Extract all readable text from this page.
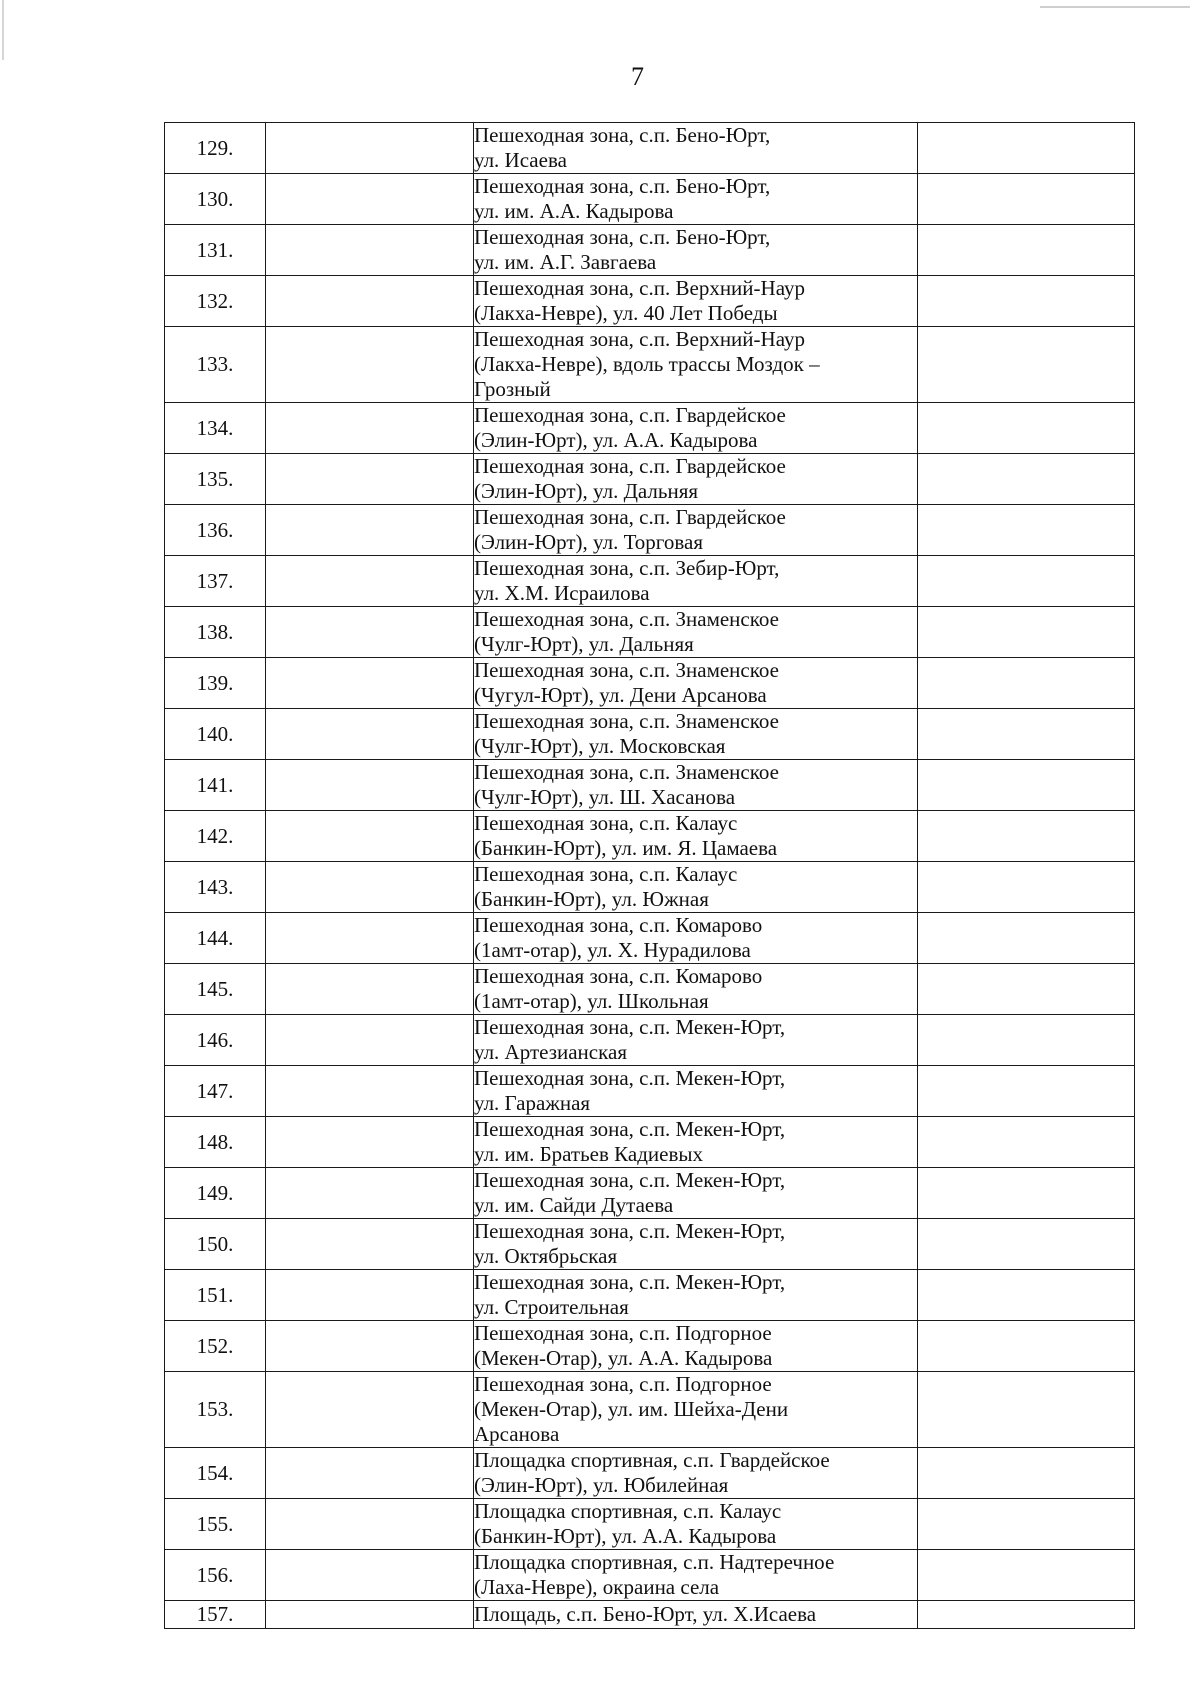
7
129.		Пешеходная зона, с.п. Бено-Юрт,
ул. Исаева	

130.		Пешеходная зона, с.п. Бено-Юрт,
ул. им. А.А. Кадырова	

131.		Пешеходная зона, с.п. Бено-Юрт,
ул. им. А.Г. Завгаева	

132.		Пешеходная зона, с.п. Верхний-Наур
(Лакха-Невре), ул. 40 Лет Победы	

133.		Пешеходная зона, с.п. Верхний-Наур
(Лакха-Невре), вдоль трассы Моздок –
Грозный	

134.		Пешеходная зона, с.п. Гвардейское
(Элин-Юрт), ул. А.А. Кадырова	

135.		Пешеходная зона, с.п. Гвардейское
(Элин-Юрт), ул. Дальняя	

136.		Пешеходная зона, с.п. Гвардейское
(Элин-Юрт), ул. Торговая	

137.		Пешеходная зона, с.п. Зебир-Юрт,
ул. Х.М. Исраилова	

138.		Пешеходная зона, с.п. Знаменское
(Чулг-Юрт), ул. Дальняя	

139.		Пешеходная зона, с.п. Знаменское
(Чугул-Юрт), ул. Дени Арсанова	

140.		Пешеходная зона, с.п. Знаменское
(Чулг-Юрт), ул. Московская	

141.		Пешеходная зона, с.п. Знаменское
(Чулг-Юрт), ул. Ш. Хасанова	

142.		Пешеходная зона, с.п. Калаус
(Банкин-Юрт), ул. им. Я. Цамаева	

143.		Пешеходная зона, с.п. Калаус
(Банкин-Юрт), ул. Южная	

144.		Пешеходная зона, с.п. Комарово
(1амт-отар), ул. Х. Нурадилова	

145.		Пешеходная зона, с.п. Комарово
(1амт-отар), ул. Школьная	

146.		Пешеходная зона, с.п. Мекен-Юрт,
ул. Артезианская	

147.		Пешеходная зона, с.п. Мекен-Юрт,
ул. Гаражная	

148.		Пешеходная зона, с.п. Мекен-Юрт,
ул. им. Братьев Кадиевых	

149.		Пешеходная зона, с.п. Мекен-Юрт,
ул. им. Сайди Дутаева	

150.		Пешеходная зона, с.п. Мекен-Юрт,
ул. Октябрьская	

151.		Пешеходная зона, с.п. Мекен-Юрт,
ул. Строительная	

152.		Пешеходная зона, с.п. Подгорное
(Мекен-Отар), ул. А.А. Кадырова	

153.		Пешеходная зона, с.п. Подгорное
(Мекен-Отар), ул. им. Шейха-Дени
Арсанова	

154.		Площадка спортивная, с.п. Гвардейское
(Элин-Юрт), ул. Юбилейная	

155.		Площадка спортивная, с.п. Калаус
(Банкин-Юрт), ул. А.А. Кадырова	

156.		Площадка спортивная, с.п. Надтеречное
(Лаха-Невре), окраина села	

157.		Площадь, с.п. Бено-Юрт, ул. Х.Исаева	
